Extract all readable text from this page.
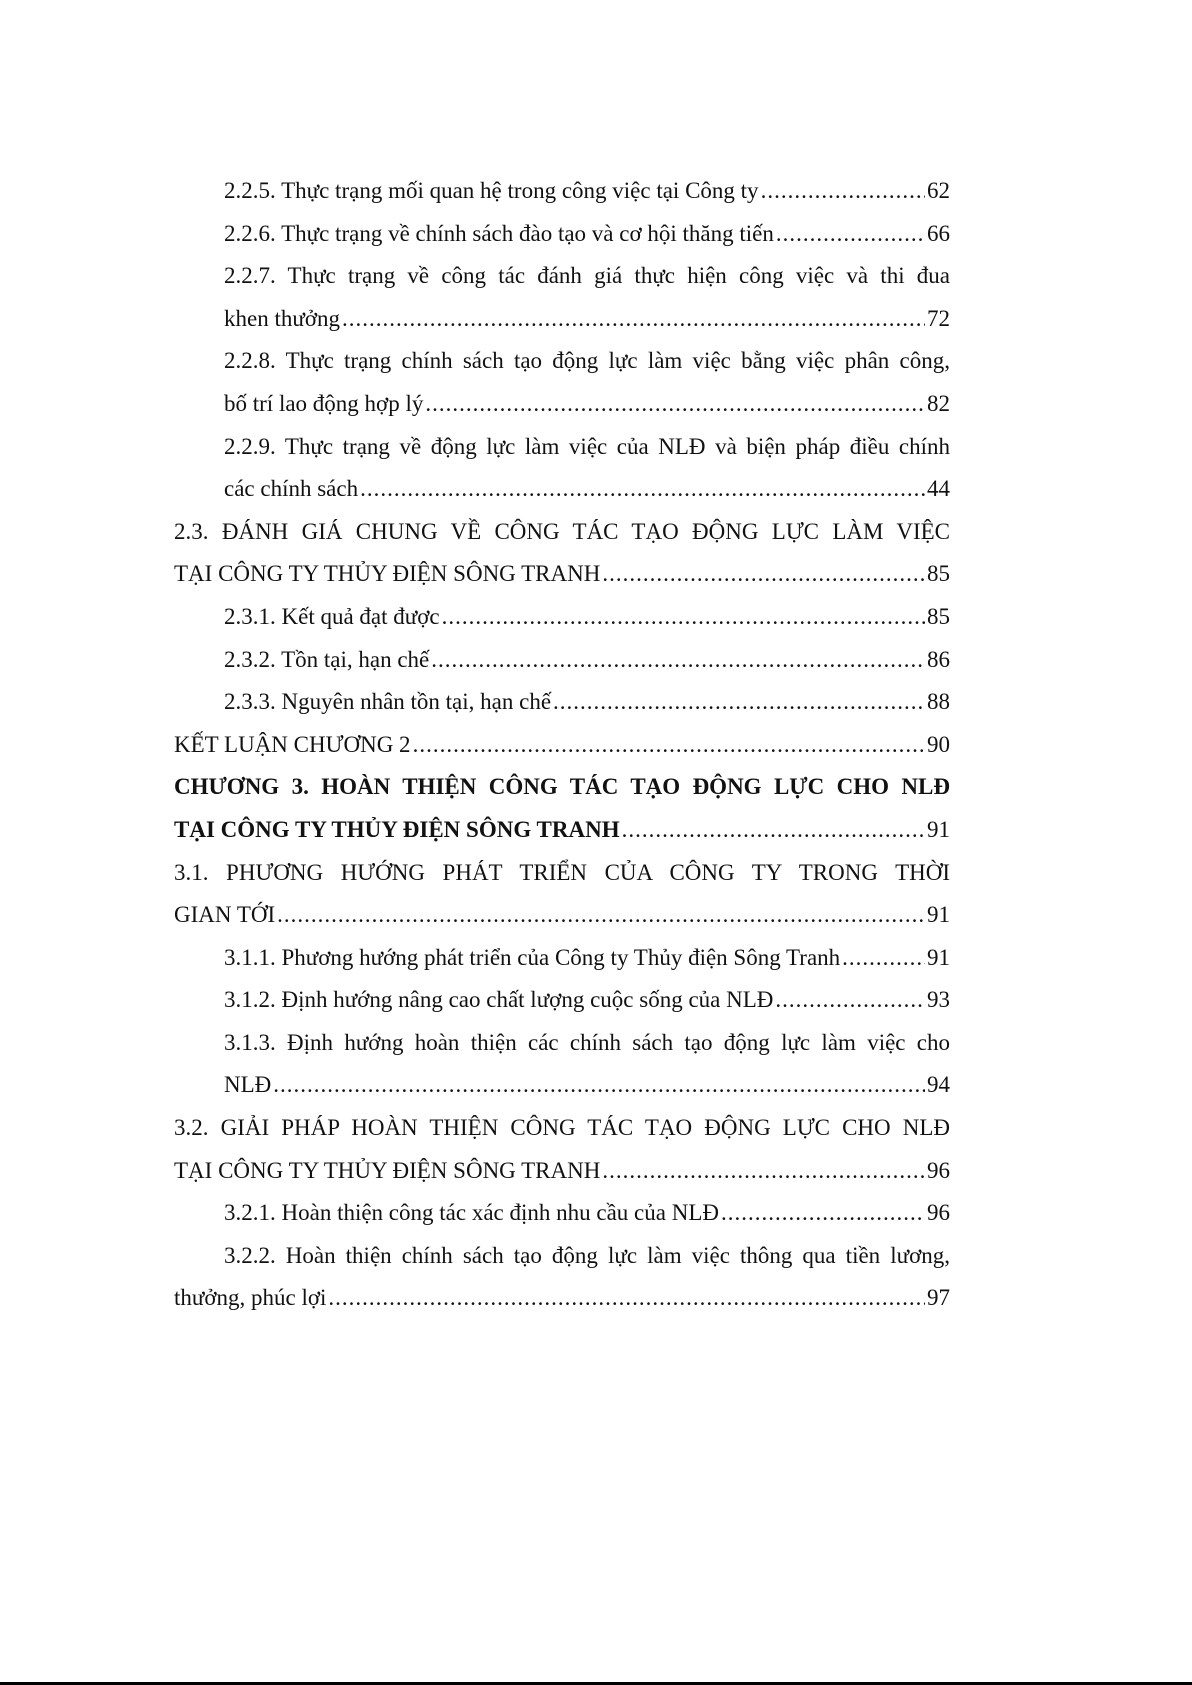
2.2.5. Thực trạng mối quan hệ trong công việc tại Công ty .....	62
2.2.6. Thực trạng về chính sách đào tạo và cơ hội thăng tiến .....	66
2.2.7. Thực trạng về công tác đánh giá thực hiện công việc và thi đua
khen thưởng .....	72
2.2.8. Thực trạng chính sách tạo động lực làm việc bằng việc phân công,
bố trí lao động hợp lý .....	82
2.2.9. Thực trạng về động lực làm việc của NLĐ và biện pháp điều chính
các chính sách .....	44
2.3. ĐÁNH GIÁ CHUNG VỀ CÔNG TÁC TẠO ĐỘNG LỰC LÀM VIỆC
TẠI CÔNG TY THỦY ĐIỆN SÔNG TRANH .....	85
2.3.1. Kết quả đạt được .....	85
2.3.2. Tồn tại, hạn chế .....	86
2.3.3. Nguyên nhân tồn tại, hạn chế .....	88
KẾT LUẬN CHƯƠNG 2 .....	90
CHƯƠNG 3. HOÀN THIỆN CÔNG TÁC TẠO ĐỘNG LỰC CHO NLĐ
TẠI CÔNG TY THỦY ĐIỆN SÔNG TRANH .....	91
3.1. PHƯƠNG HƯỚNG PHÁT TRIỂN CỦA CÔNG TY TRONG THỜI
GIAN TỚI .....	91
3.1.1. Phương hướng phát triển của Công ty Thủy điện Sông Tranh .....	91
3.1.2. Định hướng nâng cao chất lượng cuộc sống của NLĐ .....	93
3.1.3. Định hướng hoàn thiện các chính sách tạo động lực làm việc cho
NLĐ .....	94
3.2. GIẢI PHÁP HOÀN THIỆN CÔNG TÁC TẠO ĐỘNG LỰC CHO NLĐ
TẠI CÔNG TY THỦY ĐIỆN SÔNG TRANH .....	96
3.2.1. Hoàn thiện công tác xác định nhu cầu của NLĐ .....	96
3.2.2. Hoàn thiện chính sách tạo động lực làm việc thông qua tiền lương,
thưởng, phúc lợi .....	97
